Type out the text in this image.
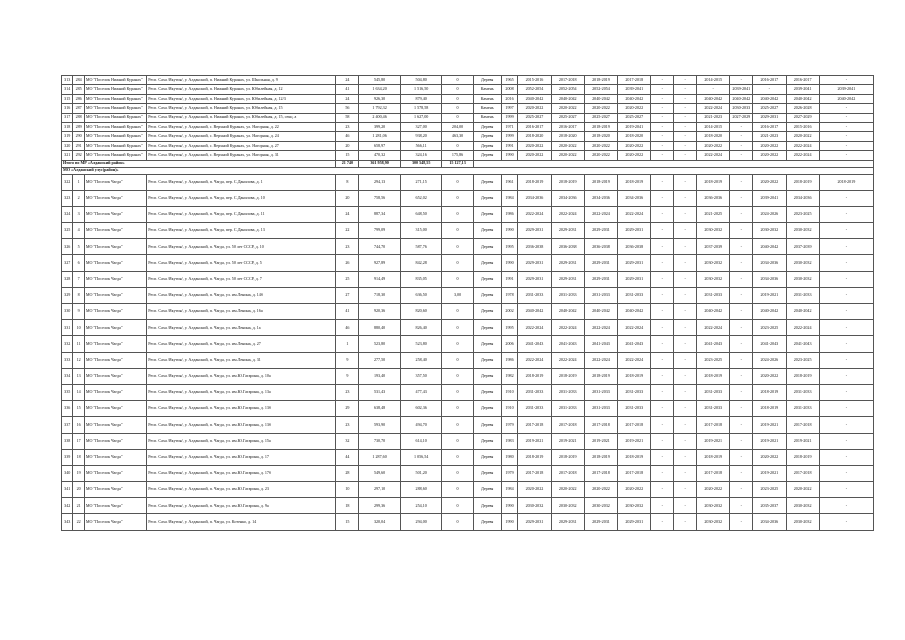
313	284	МО "Поселок Нижний Куранах"	Респ. Саха /Якутия/, у. Алданский, п. Нижний Куранах, ул. Школьная, д. 9	24	545,80	504,80	0	Деревя	1965	2015-2016	2017-2018	2018-2019	2017-2018	-	-	2014-2015	-	2016-2017	2016-2017	-
314	285	МО "Поселок Нижний Куранах"	Респ. Саха /Якутия/, у. Алданский, п. Нижний Куранах, ул. Юбилейная, д. 12	41	1 634,20	1 516,50	0	Камень	2008	2052-2054	2052-2054	2052-2054	2039-2041	-	-	-	2039-2041	-	2039-2041	2039-2041
315	286	МО "Поселок Нижний Куранах"	Респ. Саха /Якутия/, у. Алданский, п. Нижний Куранах, ул. Юбилейная, д. 12/3	24	926,30	879,40	0	Камень	2016	2040-2042	2040-2042	2040-2042	2040-2042	-	-	2040-2042	2040-2042	2040-2042	2040-2042	2040-2042
316	287	МО "Поселок Нижний Куранах"	Респ. Саха /Якутия/, у. Алданский, п. Нижний Куранах, ул. Юбилейная, д. 15	56	1 792,32	1 578,58	0	Камень	1997	2020-2022	2020-2022	2020-2022	2020-2022	-	-	2022-2024	2030-2033	2025-2027	2026-2028	-
317	288	МО "Поселок Нижний Куранах"	Респ. Саха /Якутия/, у. Алданский, п. Нижний Куранах, ул. Юбилейная, д. 15, секц. а	58	2 400,46	1 627,00	0	Камень	1999	2025-2027	2025-2027	2025-2027	2025-2027	-	-	2021-2023	2027-2029	2029-2031	2027-2029	-
318	289	МО "Поселок Нижний Куранах"	Респ. Саха /Якутия/, у. Алданский, с. Верхний Куранах, ул. Нагорная, д. 22	23	399,20	327,00	204,00	Деревя	1971	2016-2017	2016-2017	2018-2019	2019-2041	-	-	2014-2015	-	2016-2017	2015-2016	-
319	290	МО "Поселок Нижний Куранах"	Респ. Саха /Якутия/, у. Алданский, с. Верхний Куранах, ул. Нагорная, д. 24	46	1 281,06	938,20	463,30	Деревя	1999	2018-2020	2018-2020	2018-2020	2018-2020	-	-	2018-2020	-	2021-2023	2020-2022	-
320	291	МО "Поселок Нижний Куранах"	Респ. Саха /Якутия/, у. Алданский, с. Верхний Куранах, ул. Нагорная, д. 27	20	658,97	566,11	0	Деревя	1991	2020-2022	2020-2022	2020-2022	2020-2022	-	-	2020-2022	-	2020-2022	2022-2024	-
321	292	МО "Поселок Нижний Куранах"	Респ. Саха /Якутия/, у. Алданский, с. Верхний Куранах, ул. Нагорная, д. 31	15	470,32	324,16	175,86	Деревя	1990	2020-2022	2020-2022	2020-2022	2020-2022	-	-	2022-2024	-	2020-2022	2022-2024	-
Итого по МР «Алданский район»				21 740	361 958,90	300 548,55	15 127,13													
МО «Алданский улус(район)»																				
322	1	МО "Поселок Чагда"	Респ. Саха /Якутия/, у. Алданский, п. Чагда, пер. С.Данилова, д. 1	8	294,13	271,15	0	Деревя	1961	2018-2019	2018-2019	2018-2019	2018-2019	-	-	2018-2019	-	2020-2022	2018-2019	2018-2019
323	2	МО "Поселок Чагда"	Респ. Саха /Якутия/, у. Алданский, п. Чагда, пер. С.Данилова, д. 10	20	758,56	652,02	0	Деревя	1984	2034-2036	2034-2036	2034-2036	2034-2036	-	-	2036-2036	-	2039-2041	2034-2036	-
324	3	МО "Поселок Чагда"	Респ. Саха /Якутия/, у. Алданский, п. Чагда, пер. С.Данилова, д. 11	24	887,34	648,50	0	Деревя	1986	2022-2024	2022-2024	2022-2024	2022-2024	-	-	2021-2025	-	2024-2026	2023-2025	-
325	4	МО "Поселок Чагда"	Респ. Саха /Якутия/, у. Алданский, п. Чагда, пер. С.Данилова, д. 13	22	799,09	315,00	0	Деревя	1990	2029-2031	2029-2031	2029-2031	2029-2031	-	-	2030-2032	-	2030-2032	2030-2032	-
326	5	МО "Поселок Чагда"	Респ. Саха /Якутия/, у. Алданский, п. Чагда, ул. 50 лет СССР, д. 10	23	744,70	587,76	0	Деревя	1995	2036-2038	2036-2038	2036-2038	2036-2038	-	-	2037-2039	-	2040-2042	2037-2039	-
327	6	МО "Поселок Чагда"	Респ. Саха /Якутия/, у. Алданский, п. Чагда, ул. 50 лет СССР, д. 5	26	927,89	842,28	0	Деревя	1990	2029-2031	2029-2031	2029-2031	2029-2031	-	-	2030-2032	-	2034-2036	2030-2032	-
328	7	МО "Поселок Чагда"	Респ. Саха /Якутия/, у. Алданский, п. Чагда, ул. 50 лет СССР, д. 7	25	914,49	835,05	0	Деревя	1991	2029-2031	2029-2031	2029-2031	2029-2031	-	-	2030-2032	-	2034-2036	2030-2032	-
329	8	МО "Поселок Чагда"	Респ. Саха /Якутия/, у. Алданский, п. Чагда, ул. им.Ленина, д. 14б	27	718,30	636,50	3,00	Деревя	1978	2031-2033	2031-2033	2031-2033	2031-2033	-	-	2031-2033	-	2019-2021	2031-2033	-
330	9	МО "Поселок Чагда"	Респ. Саха /Якутия/, у. Алданский, п. Чагда, ул. им.Ленина, д. 16а	41	920,36	820,60	0	Деревя	2002	2040-2042	2040-2042	2040-2042	2040-2042	-	-	2040-2042	-	2040-2042	2040-2042	-
331	10	МО "Поселок Чагда"	Респ. Саха /Якутия/, у. Алданский, п. Чагда, ул. им.Ленина, д. 1а	46	880,40	826,40	0	Деревя	1995	2022-2024	2022-2024	2022-2024	2022-2024	-	-	2022-2024	-	2023-2025	2022-2024	-
332	11	МО "Поселок Чагда"	Респ. Саха /Якутия/, у. Алданский, п. Чагда, ул. им.Ленина, д. 27	1	523,80	523,80	0	Деревя	2006	2041-2043	2041-2043	2041-2043	2041-2043	-	-	2041-2043	-	2041-2043	2041-2043	-
333	12	МО "Поселок Чагда"	Респ. Саха /Якутия/, у. Алданский, п. Чагда, ул. им.Ленина, д. 31	9	277,50	258,40	0	Деревя	1986	2022-2024	2022-2024	2022-2024	2022-2024	-	-	2023-2025	-	2024-2026	2023-2025	-
334	13	МО "Поселок Чагда"	Респ. Саха /Якутия/, у. Алданский, п. Чагда, ул. им.Ю.Гагарина, д. 10а	9	193,40	357,50	0	Деревя	1982	2018-2019	2018-2019	2018-2019	2018-2019	-	-	2018-2019	-	2020-2022	2018-2019	-
335	14	МО "Поселок Чагда"	Респ. Саха /Якутия/, у. Алданский, п. Чагда, ул. им.Ю.Гагарина, д. 13а	23	531,43	477,43	0	Деревя	1910	2031-2033	2031-2033	2031-2033	2031-2033	-	-	2031-2033	-	2018-2019	2031-2033	-
336	15	МО "Поселок Чагда"	Респ. Саха /Якутия/, у. Алданский, п. Чагда, ул. им.Ю.Гагарина, д. 13б	29	638,48	602,36	0	Деревя	1910	2031-2033	2031-2033	2031-2033	2031-2033	-	-	2031-2033	-	2018-2019	2031-2033	-
337	16	МО "Поселок Чагда"	Респ. Саха /Якутия/, у. Алданский, п. Чагда, ул. им.Ю.Гагарина, д. 13б	23	593,90	494,70	0	Деревя	1979	2017-2018	2017-2018	2017-2018	2017-2018	-	-	2017-2018	-	2019-2021	2017-2018	-
338	17	МО "Поселок Чагда"	Респ. Саха /Якутия/, у. Алданский, п. Чагда, ул. им.Ю.Гагарина, д. 15а	32	730,70	614,10	0	Деревя	1983	2019-2021	2019-2021	2019-2021	2019-2021	-	-	2019-2021	-	2019-2021	2019-2021	-
339	18	МО "Поселок Чагда"	Респ. Саха /Якутия/, у. Алданский, п. Чагда, ул. им.Ю.Гагарина, д. 17	44	1 287,60	1 056,54	0	Деревя	1980	2018-2019	2018-2019	2018-2019	2018-2019	-	-	2018-2019	-	2020-2022	2018-2019	-
340	19	МО "Поселок Чагда"	Респ. Саха /Якутия/, у. Алданский, п. Чагда, ул. им.Ю.Гагарина, д. 17б	28	549,60	501,20	0	Деревя	1979	2017-2018	2017-2018	2017-2018	2017-2018	-	-	2017-2018	-	2019-2021	2017-2018	-
341	20	МО "Поселок Чагда"	Респ. Саха /Якутия/, у. Алданский, п. Чагда, ул. им.Ю.Гагарина, д. 23	10	297,10	288,60	0	Деревя	1984	2020-2022	2020-2022	2020-2022	2020-2022	-	-	2020-2022	-	2023-2025	2020-2022	-
342	21	МО "Поселок Чагда"	Респ. Саха /Якутия/, у. Алданский, п. Чагда, ул. им.Ю.Гагарина, д. 9а	18	299,36	254,10	0	Деревя	1990	2030-2032	2030-2032	2030-2032	2030-2032	-	-	2030-2032	-	2035-2037	2030-2032	-
343	22	МО "Поселок Чагда"	Респ. Саха /Якутия/, у. Алданский, п. Чагда, ул. Котенко, д. 14	15	320,04	294,00	0	Деревя	1990	2029-2031	2029-2031	2029-2031	2029-2031	-	-	2030-2032	-	2034-2036	2030-2032	-
